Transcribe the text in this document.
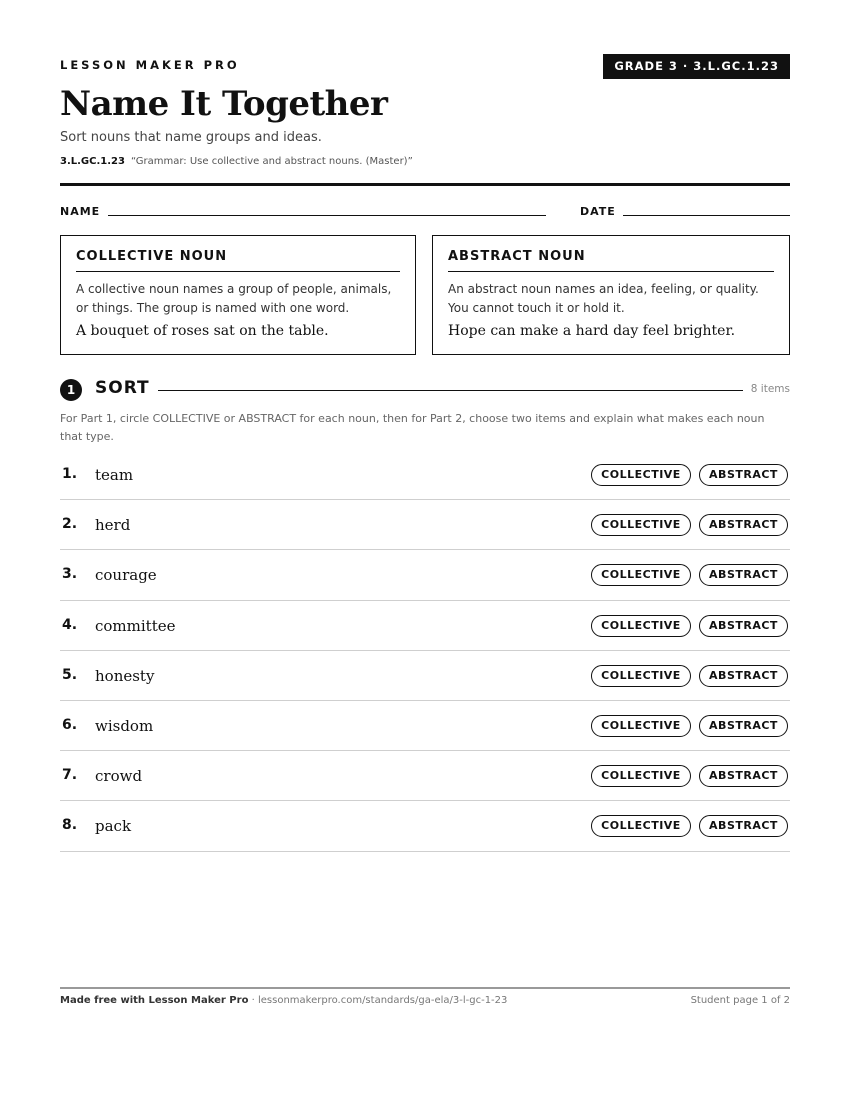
LESSON MAKER PRO	GRADE 3 · 3.L.GC.1.23
Name It Together
Sort nouns that name groups and ideas.
3.L.GC.1.23 “Grammar: Use collective and abstract nouns. (Master)”
NAME	DATE
COLLECTIVE NOUN
A collective noun names a group of people, animals, or things. The group is named with one word.
A bouquet of roses sat on the table.
ABSTRACT NOUN
An abstract noun names an idea, feeling, or quality. You cannot touch it or hold it.
Hope can make a hard day feel brighter.
1	SORT	8 items
For Part 1, circle COLLECTIVE or ABSTRACT for each noun, then for Part 2, choose two items and explain what makes each noun that type.
1. team	COLLECTIVE	ABSTRACT
2. herd	COLLECTIVE	ABSTRACT
3. courage	COLLECTIVE	ABSTRACT
4. committee	COLLECTIVE	ABSTRACT
5. honesty	COLLECTIVE	ABSTRACT
6. wisdom	COLLECTIVE	ABSTRACT
7. crowd	COLLECTIVE	ABSTRACT
8. pack	COLLECTIVE	ABSTRACT
Made free with Lesson Maker Pro · lessonmakerpro.com/standards/ga-ela/3-l-gc-1-23	Student page 1 of 2
